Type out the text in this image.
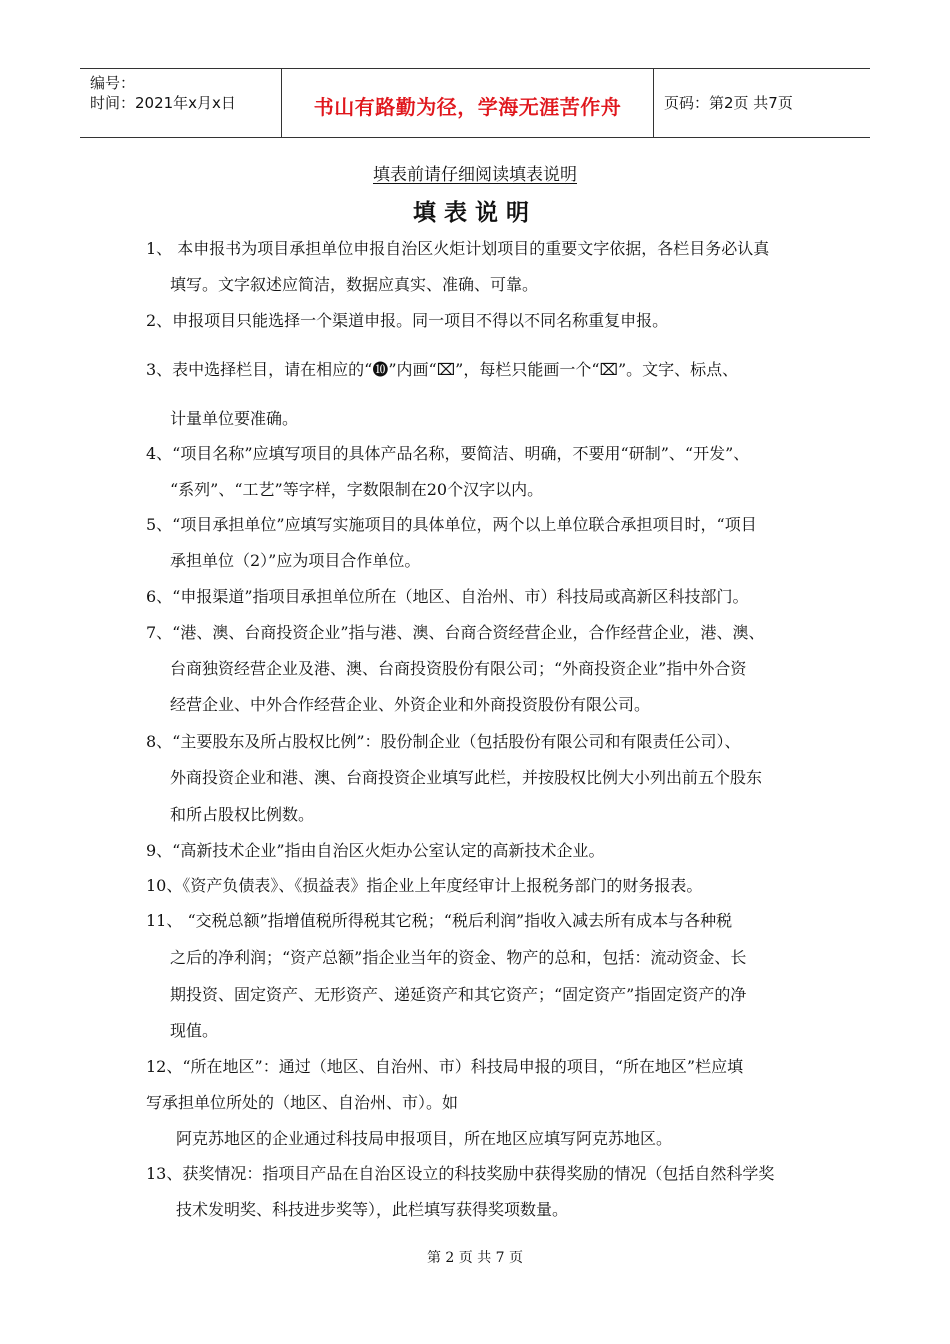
编号：
时间：2021年x月x日	书山有路勤为径，学海无涯苦作舟	页码：第2页 共7页
填表前请仔细阅读填表说明
填表说明
1、 本申报书为项目承担单位申报自治区火炬计划项目的重要文字依据，各栏目务必认真
填写。文字叙述应简洁，数据应真实、准确、可靠。
2、申报项目只能选择一个渠道申报。同一项目不得以不同名称重复申报。
3、表中选择栏目，请在相应的“❿”内画“⌧”，每栏只能画一个“⌧”。文字、标点、
计量单位要准确。
4、“项目名称”应填写项目的具体产品名称，要简洁、明确，不要用“研制”、“开发”、
“系列”、“工艺”等字样，字数限制在20个汉字以内。
5、“项目承担单位”应填写实施项目的具体单位，两个以上单位联合承担项目时，“项目
承担单位（2）”应为项目合作单位。
6、“申报渠道”指项目承担单位所在（地区、自治州、市）科技局或高新区科技部门。
7、“港、澳、台商投资企业”指与港、澳、台商合资经营企业，合作经营企业，港、澳、
台商独资经营企业及港、澳、台商投资股份有限公司；“外商投资企业”指中外合资
经营企业、中外合作经营企业、外资企业和外商投资股份有限公司。
8、“主要股东及所占股权比例”：股份制企业（包括股份有限公司和有限责任公司）、
外商投资企业和港、澳、台商投资企业填写此栏，并按股权比例大小列出前五个股东
和所占股权比例数。
9、“高新技术企业”指由自治区火炬办公室认定的高新技术企业。
10、《资产负债表》、《损益表》指企业上年度经审计上报税务部门的财务报表。
11、 “交税总额”指增值税所得税其它税；“税后利润”指收入减去所有成本与各种税
之后的净利润；“资产总额”指企业当年的资金、物产的总和，包括：流动资金、长
期投资、固定资产、无形资产、递延资产和其它资产；“固定资产”指固定资产的净
现值。
12、“所在地区”：通过（地区、自治州、市）科技局申报的项目，“所在地区”栏应填
写承担单位所处的（地区、自治州、市）。如
阿克苏地区的企业通过科技局申报项目，所在地区应填写阿克苏地区。
13、获奖情况：指项目产品在自治区设立的科技奖励中获得奖励的情况（包括自然科学奖
技术发明奖、科技进步奖等），此栏填写获得奖项数量。
第 2 页 共 7 页
